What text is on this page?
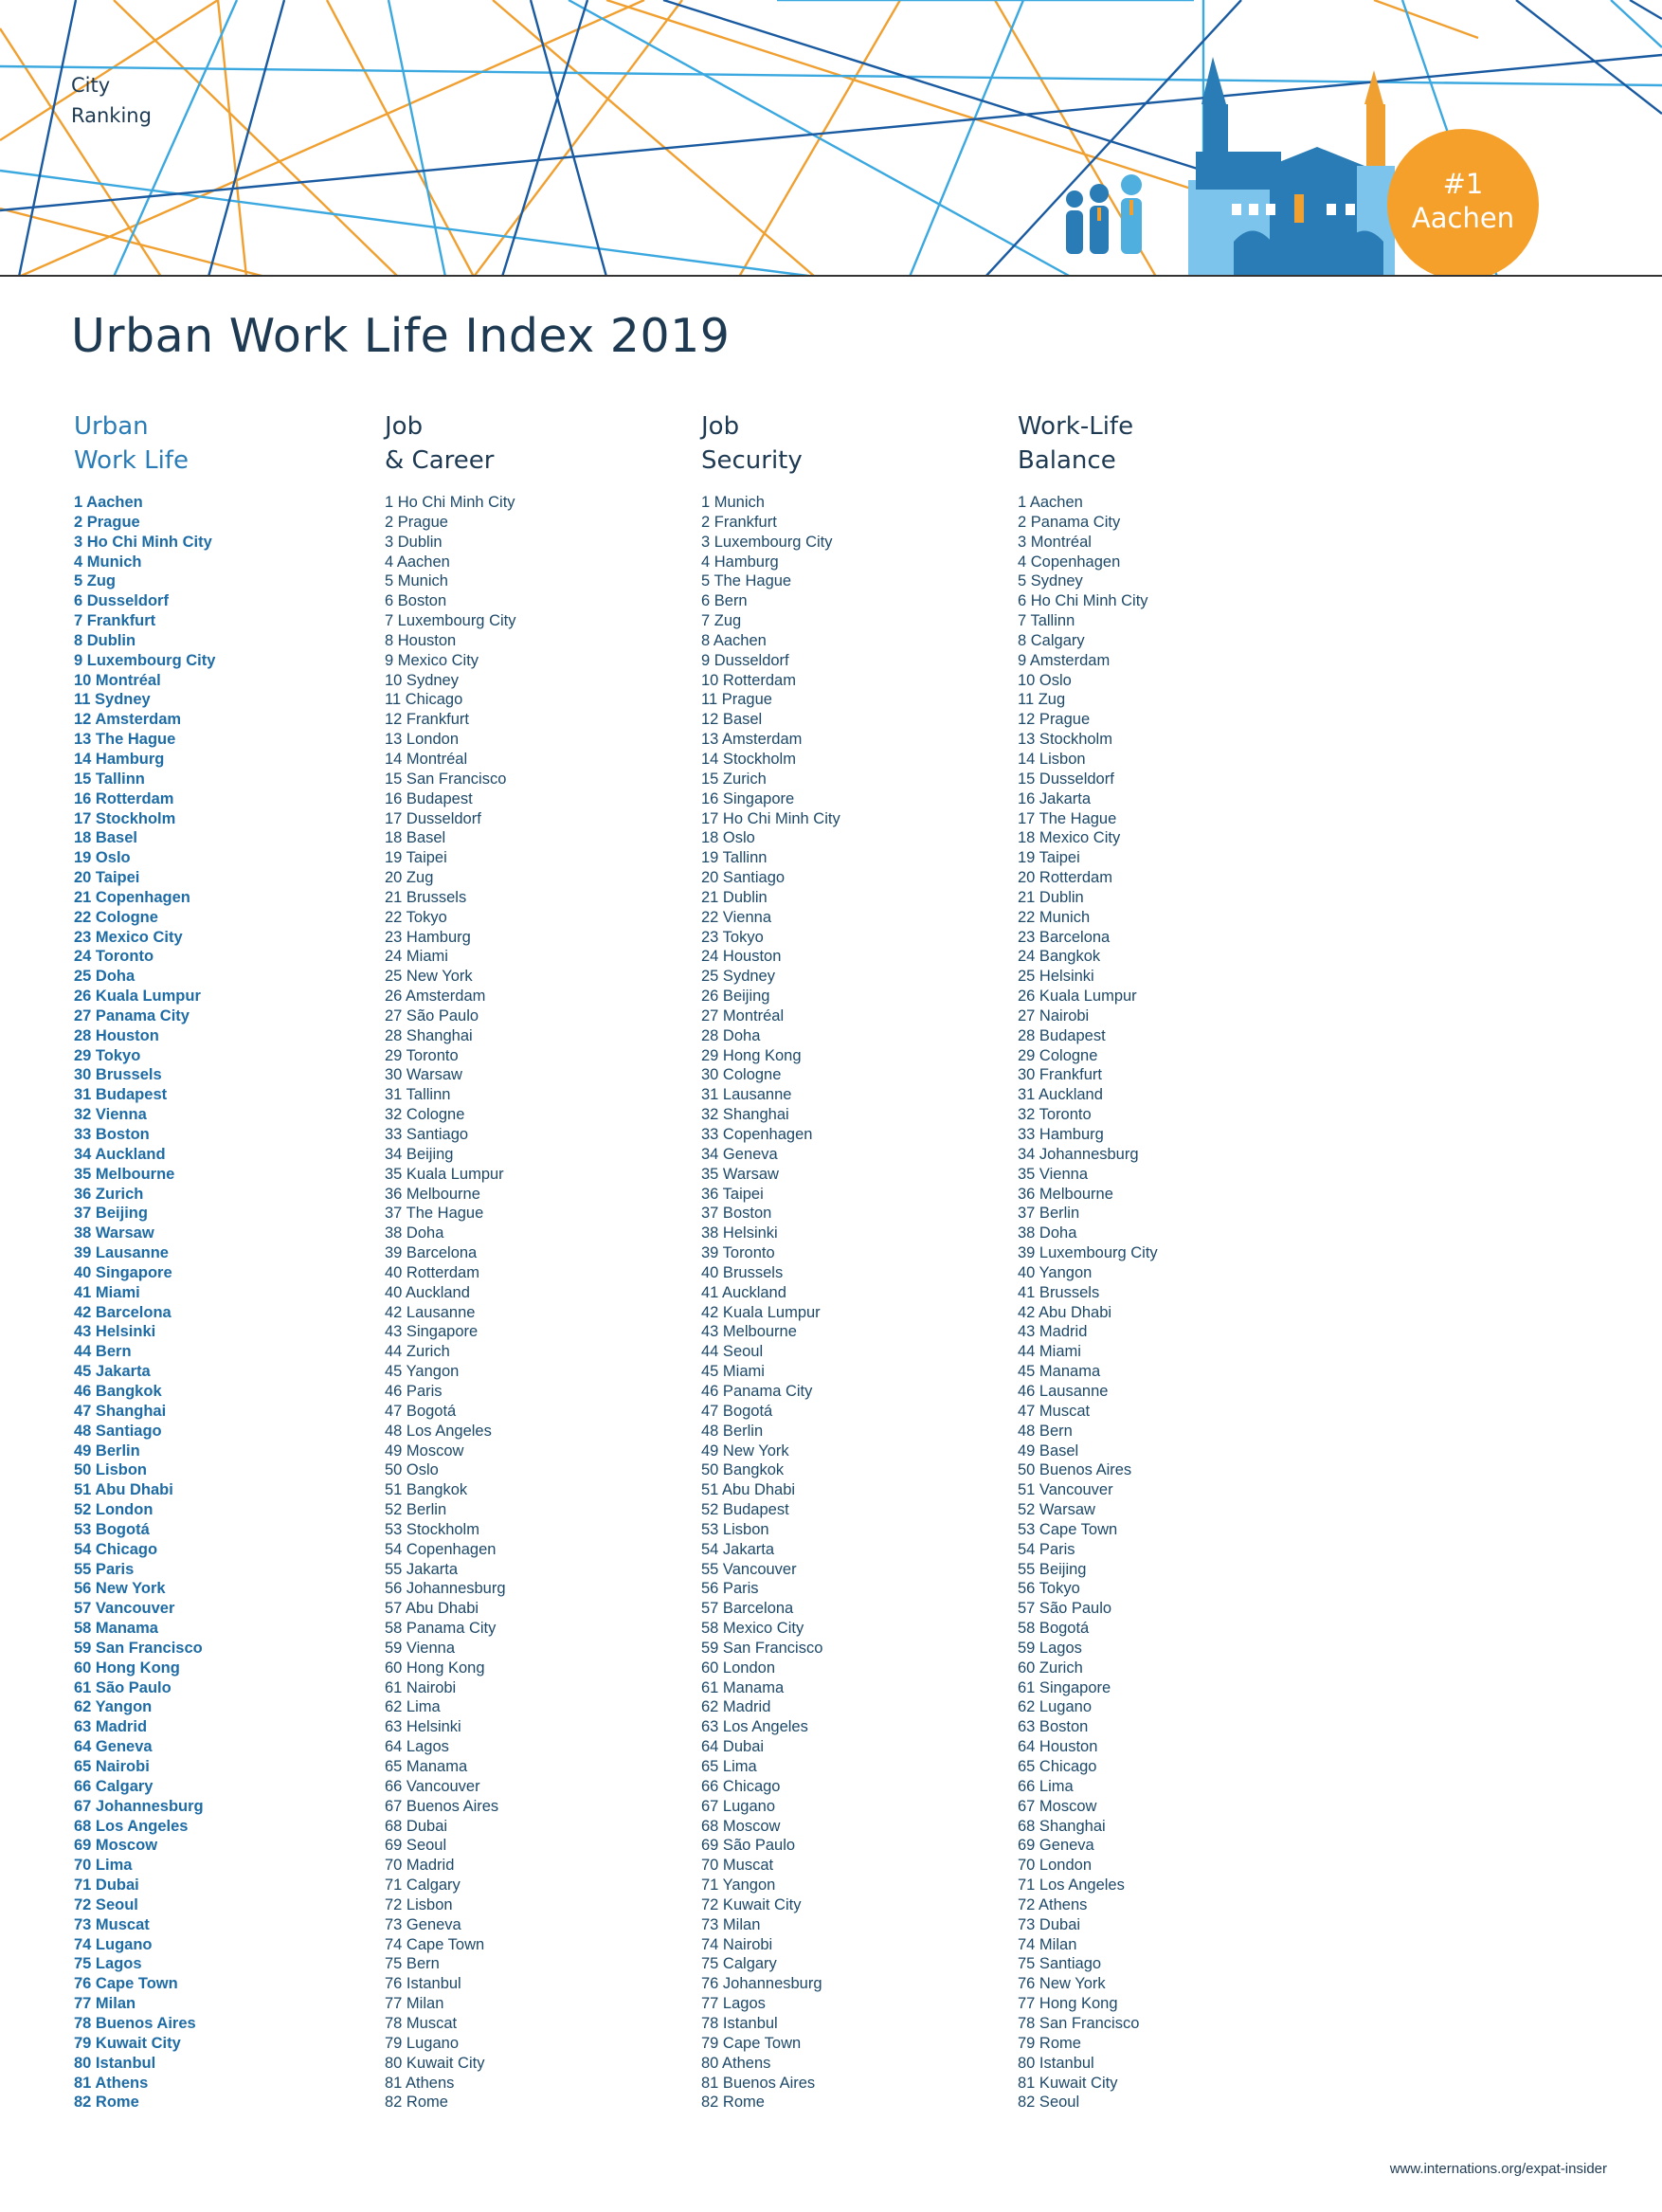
City
Ranking
#1
Aachen
Urban Work Life Index 2019
Urban
Work Life
1 Aachen
2 Prague
3 Ho Chi Minh City
4 Munich
5 Zug
6 Dusseldorf
7 Frankfurt
8 Dublin
9 Luxembourg City
10 Montréal
11 Sydney
12 Amsterdam
13 The Hague
14 Hamburg
15 Tallinn
16 Rotterdam
17 Stockholm
18 Basel
19 Oslo
20 Taipei
21 Copenhagen
22 Cologne
23 Mexico City
24 Toronto
25 Doha
26 Kuala Lumpur
27 Panama City
28 Houston
29 Tokyo
30 Brussels
31 Budapest
32 Vienna
33 Boston
34 Auckland
35 Melbourne
36 Zurich
37 Beijing
38 Warsaw
39 Lausanne
40 Singapore
41 Miami
42 Barcelona
43 Helsinki
44 Bern
45 Jakarta
46 Bangkok
47 Shanghai
48 Santiago
49 Berlin
50 Lisbon
51 Abu Dhabi
52 London
53 Bogotá
54 Chicago
55 Paris
56 New York
57 Vancouver
58 Manama
59 San Francisco
60 Hong Kong
61 São Paulo
62 Yangon
63 Madrid
64 Geneva
65 Nairobi
66 Calgary
67 Johannesburg
68 Los Angeles
69 Moscow
70 Lima
71 Dubai
72 Seoul
73 Muscat
74 Lugano
75 Lagos
76 Cape Town
77 Milan
78 Buenos Aires
79 Kuwait City
80 Istanbul
81 Athens
82 Rome
Job
& Career
1 Ho Chi Minh City
2 Prague
3 Dublin
4 Aachen
5 Munich
6 Boston
7 Luxembourg City
8 Houston
9 Mexico City
10 Sydney
11 Chicago
12 Frankfurt
13 London
14 Montréal
15 San Francisco
16 Budapest
17 Dusseldorf
18 Basel
19 Taipei
20 Zug
21 Brussels
22 Tokyo
23 Hamburg
24 Miami
25 New York
26 Amsterdam
27 São Paulo
28 Shanghai
29 Toronto
30 Warsaw
31 Tallinn
32 Cologne
33 Santiago
34 Beijing
35 Kuala Lumpur
36 Melbourne
37 The Hague
38 Doha
39 Barcelona
40 Rotterdam
40 Auckland
42 Lausanne
43 Singapore
44 Zurich
45 Yangon
46 Paris
47 Bogotá
48 Los Angeles
49 Moscow
50 Oslo
51 Bangkok
52 Berlin
53 Stockholm
54 Copenhagen
55 Jakarta
56 Johannesburg
57 Abu Dhabi
58 Panama City
59 Vienna
60 Hong Kong
61 Nairobi
62 Lima
63 Helsinki
64 Lagos
65 Manama
66 Vancouver
67 Buenos Aires
68 Dubai
69 Seoul
70 Madrid
71 Calgary
72 Lisbon
73 Geneva
74 Cape Town
75 Bern
76 Istanbul
77 Milan
78 Muscat
79 Lugano
80 Kuwait City
81 Athens
82 Rome
Job
Security
1 Munich
2 Frankfurt
3 Luxembourg City
4 Hamburg
5 The Hague
6 Bern
7 Zug
8 Aachen
9 Dusseldorf
10 Rotterdam
11 Prague
12 Basel
13 Amsterdam
14 Stockholm
15 Zurich
16 Singapore
17 Ho Chi Minh City
18 Oslo
19 Tallinn
20 Santiago
21 Dublin
22 Vienna
23 Tokyo
24 Houston
25 Sydney
26 Beijing
27 Montréal
28 Doha
29 Hong Kong
30 Cologne
31 Lausanne
32 Shanghai
33 Copenhagen
34 Geneva
35 Warsaw
36 Taipei
37 Boston
38 Helsinki
39 Toronto
40 Brussels
41 Auckland
42 Kuala Lumpur
43 Melbourne
44 Seoul
45 Miami
46 Panama City
47 Bogotá
48 Berlin
49 New York
50 Bangkok
51 Abu Dhabi
52 Budapest
53 Lisbon
54 Jakarta
55 Vancouver
56 Paris
57 Barcelona
58 Mexico City
59 San Francisco
60 London
61 Manama
62 Madrid
63 Los Angeles
64 Dubai
65 Lima
66 Chicago
67 Lugano
68 Moscow
69 São Paulo
70 Muscat
71 Yangon
72 Kuwait City
73 Milan
74 Nairobi
75 Calgary
76 Johannesburg
77 Lagos
78 Istanbul
79 Cape Town
80 Athens
81 Buenos Aires
82 Rome
Work-Life
Balance
1 Aachen
2 Panama City
3 Montréal
4 Copenhagen
5 Sydney
6 Ho Chi Minh City
7 Tallinn
8 Calgary
9 Amsterdam
10 Oslo
11 Zug
12 Prague
13 Stockholm
14 Lisbon
15 Dusseldorf
16 Jakarta
17 The Hague
18 Mexico City
19 Taipei
20 Rotterdam
21 Dublin
22 Munich
23 Barcelona
24 Bangkok
25 Helsinki
26 Kuala Lumpur
27 Nairobi
28 Budapest
29 Cologne
30 Frankfurt
31 Auckland
32 Toronto
33 Hamburg
34 Johannesburg
35 Vienna
36 Melbourne
37 Berlin
38 Doha
39 Luxembourg City
40 Yangon
41 Brussels
42 Abu Dhabi
43 Madrid
44 Miami
45 Manama
46 Lausanne
47 Muscat
48 Bern
49 Basel
50 Buenos Aires
51 Vancouver
52 Warsaw
53 Cape Town
54 Paris
55 Beijing
56 Tokyo
57 São Paulo
58 Bogotá
59 Lagos
60 Zurich
61 Singapore
62 Lugano
63 Boston
64 Houston
65 Chicago
66 Lima
67 Moscow
68 Shanghai
69 Geneva
70 London
71 Los Angeles
72 Athens
73 Dubai
74 Milan
75 Santiago
76 New York
77 Hong Kong
78 San Francisco
79 Rome
80 Istanbul
81 Kuwait City
82 Seoul
www.internations.org/expat-insider
